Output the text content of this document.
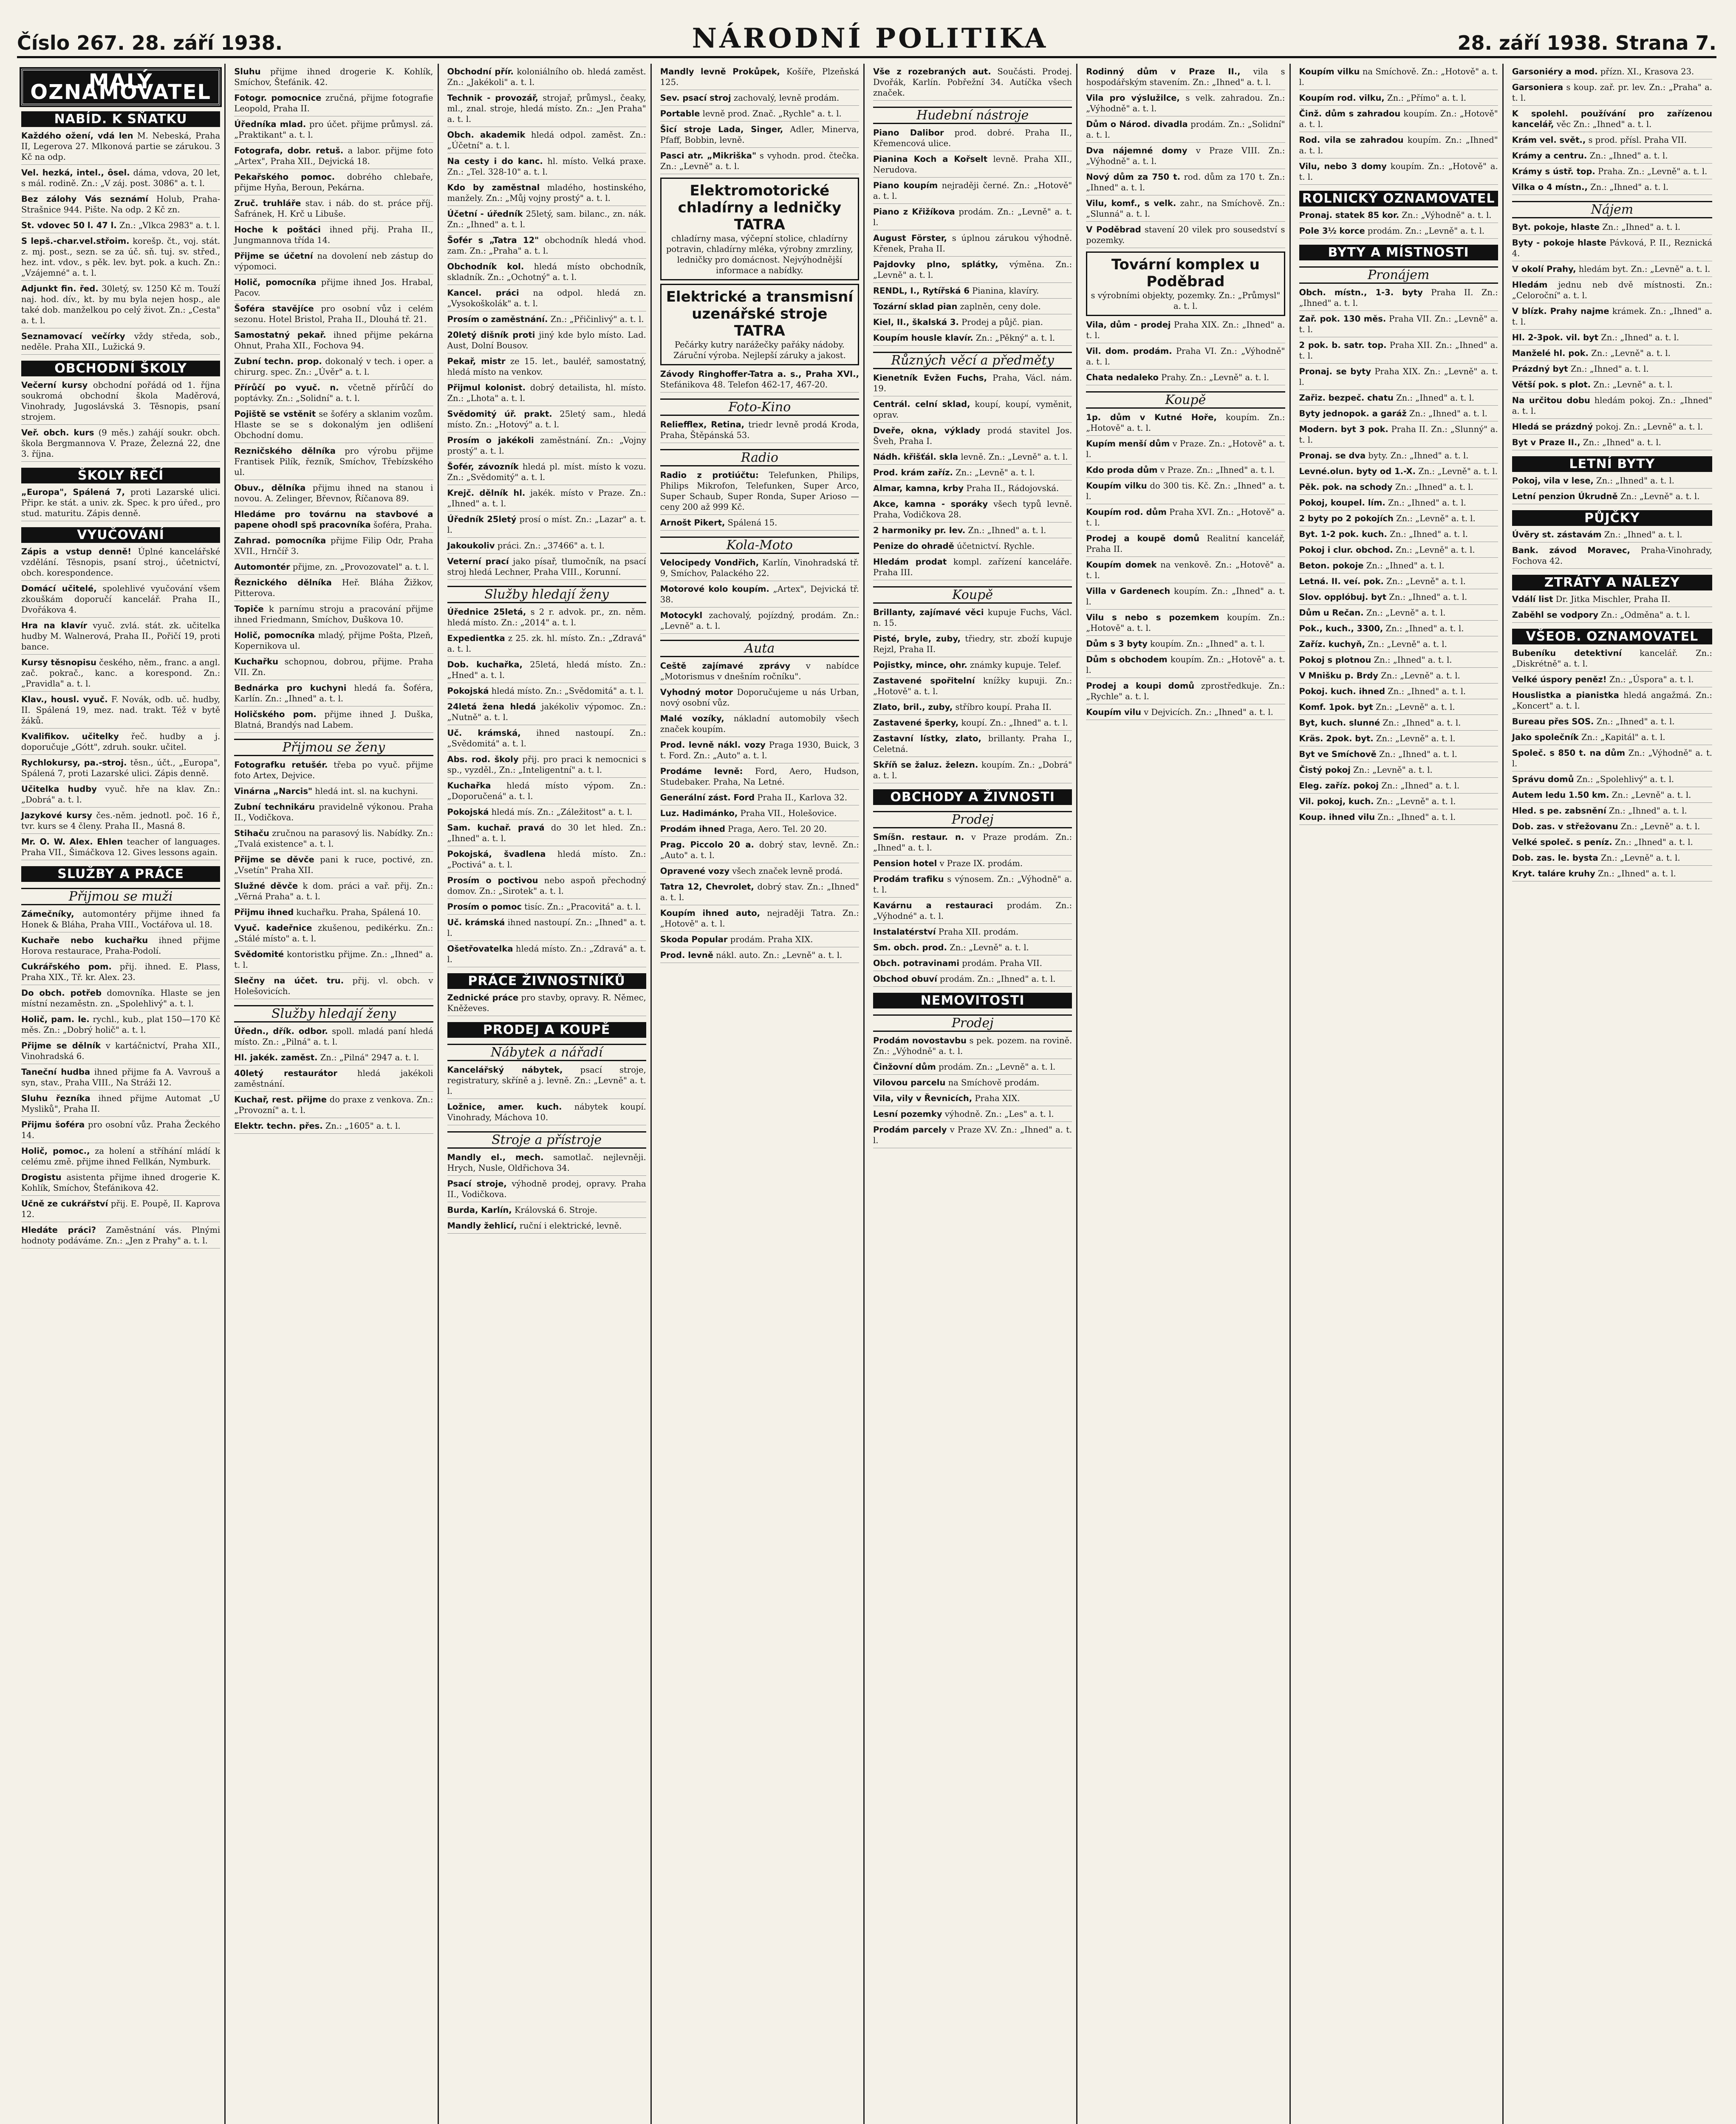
Číslo 267. 28. září 1938.	NÁRODNÍ POLITIKA	28. září 1938. Strana 7.
MALÝ OZNAMOVATEL
NABÍD. K SŇATKU
Každého ožení, vdá len M. Nebeská, Praha II, Legerova 27. Mlkonová partie se zárukou. 3 Kč na odp.
Vel. hezká, intel., ôsel. dáma, vdova, 20 let, s mál. rodině. Zn.: „V záj. post. 3086" a. t. l.
Bez zálohy Vás seznámí Holub, Praha-Strašnice 944. Pište. Na odp. 2 Kč zn.
St. vdovec 50 l. 47 l. Zn.: „Vlkca 2983" a. t. l.
S lepš.-char.vel.střoim. korešp. čt., voj. stát. z. mj. post., sezn. se za úč. sň. tuj. sv. střed., hez. int. vdov., s pěk. lev. byt. pok. a kuch. Zn.: „Vzájemné" a. t. l.
Adjunkt fin. řed. 30letý, sv. 1250 Kč m. Touží naj. hod. dív., kt. by mu byla nejen hosp., ale také dob. manželkou po celý život. Zn.: „Cesta" a. t. l.
Seznamovací večírky vždy středa, sob., neděle. Praha XII., Lužická 9.
OBCHODNÍ ŠKOLY
Večerní kursy obchodní pořádá od 1. října soukromá obchodní škola Maděrová, Vinohrady, Jugoslávská 3. Těsnopis, psaní strojem.
Veř. obch. kurs (9 měs.) zahájí soukr. obch. škola Bergmannova V. Praze, Železná 22, dne 3. října.
ŠKOLY ŘEČÍ
„Europa", Spálená 7, proti Lazarské ulici. Připr. ke stát. a univ. zk. Spec. k pro úřed., pro stud. maturitu. Zápis denně.
VYUČOVÁNÍ
Zápis a vstup denně! Úplné kancelářské vzdělání. Těsnopis, psaní stroj., účetnictví, obch. korespondence.
Domácí učitelé, spolehlivé vyučování všem zkouškám doporučí kancelář. Praha II., Dvořákova 4.
Hra na klavír vyuč. zvlá. stát. zk. učitelka hudby M. Walnerová, Praha II., Pořičí 19, proti bance.
Kursy těsnopisu českého, něm., franc. a angl. zač. pokrač., kanc. a korespond. Zn.: „Pravidla" a. t. l.
Klav., housl. vyuč. F. Novák, odb. uč. hudby, II. Spálená 19, mez. nad. trakt. Též v bytě žáků.
Kvalifikov. učitelky řeč. hudby a j. doporučuje „Gótt", zdruh. soukr. učitel.
Rychlokursy, pa.-stroj. těsn., účt., „Europa", Spálená 7, proti Lazarské ulici. Zápis denně.
Učitelka hudby vyuč. hře na klav. Zn.: „Dobrá" a. t. l.
Jazykové kursy čes.-něm. jednotl. poč. 16 ř., tvr. kurs se 4 členy. Praha II., Masná 8.
Mr. O. W. Alex. Ehlen teacher of languages. Praha VII., Šimáčkova 12. Gives lessons again.
SLUŽBY A PRÁCE
Přijmou se muži
Zámečníky, automontéry přijme ihned fa Honek & Bláha, Praha VIII., Voctářova ul. 18.
Kuchaře nebo kuchařku ihned přijme Horova restaurace, Praha-Podolí.
Cukrářského pom. přij. ihned. E. Plass, Praha XIX., Tř. kr. Alex. 23.
Do obch. potřeb domovníka. Hlaste se jen místní nezaměstn. zn. „Spolehlivý" a. t. l.
Holič, pam. le. rychl., kub., plat 150—170 Kč měs. Zn.: „Dobrý holič" a. t. l.
Přijme se dělník v kartáčnictví, Praha XII., Vinohradská 6.
Taneční hudba ihned přijme fa A. Vavrouš a syn, stav., Praha VIII., Na Stráži 12.
Sluhu řezníka ihned přijme Automat „U Mysliků", Praha II.
Přijmu šoféra pro osobní vůz. Praha Žeckého 14.
Holič, pomoc., za holení a stříhání mládí k celému změ. přijme ihned Fellkán, Nymburk.
Drogistu asistenta přijme ihned drogerie K. Kohlík, Smíchov, Štefánikova 42.
Učně ze cukrářství přij. E. Poupě, II. Kaprova 12.
Hledáte práci? Zaměstnání vás. Plnými hodnoty podáváme. Zn.: „Jen z Prahy" a. t. l.
Sluhu přijme ihned drogerie K. Kohlík, Smíchov, Štefánik. 42.
Fotogr. pomocnice zručná, přijme fotografie Leopold, Praha II.
Úředníka mlad. pro účet. přijme průmysl. zá. „Praktikant" a. t. l.
Fotografa, dobr. retuš. a labor. přijme foto „Artex", Praha XII., Dejvická 18.
Pekařského pomoc. dobrého chlebaře, přijme Hyňa, Beroun, Pekárna.
Zruč. truhláře stav. i náb. do st. práce příj. Šafránek, H. Krč u Libuše.
Hoche k poštáci ihned přij. Praha II., Jungmannova třída 14.
Přijme se účetní na dovolení neb zástup do výpomoci.
Holič, pomocníka přijme ihned Jos. Hrabal, Pacov.
Šoféra stavějíce pro osobní vůz i celém sezonu. Hotel Bristol, Praha II., Dlouhá tř. 21.
Samostatný pekař. ihned přijme pekárna Ohnut, Praha XII., Fochova 94.
Zubní techn. prop. dokonalý v tech. i oper. a chirurg. spec. Zn.: „Úvěr" a. t. l.
Přírůčí po vyuč. n. včetně přírůčí do poptávky. Zn.: „Solidní" a. t. l.
Pojiště se vstěnit se šoféry a sklanim vozům. Hlaste se se s dokonalým jen odlišení Obchodní domu.
Rezničského dělníka pro výrobu přijme Frantisek Pilík, řezník, Smíchov, Třebízského ul.
Obuv., dělníka přijmu ihned na stanou i novou. A. Zelinger, Břevnov, Říčanova 89.
Hledáme pro továrnu na stavbové a papene ohodl spš pracovníka šoféra, Praha.
Zahrad. pomocníka přijme Filip Odr, Praha XVII., Hrnčíř 3.
Automontér přijme, zn. „Provozovatel" a. t. l.
Řeznického dělníka Heř. Bláha Žižkov, Pitterova.
Topiče k parnímu stroju a pracování přijme ihned Friedmann, Smíchov, Duškova 10.
Holič, pomocníka mladý, přijme Pošta, Plzeň, Kopernikova ul.
Kuchařku schopnou, dobrou, přijme. Praha VII. Zn.
Bednárka pro kuchyni hledá fa. Šoféra, Karlín. Zn.: „Ihned" a. t. l.
Holičského pom. přijme ihned J. Duška, Blatná, Brandýs nad Labem.
Přijmou se ženy
Fotografku retušér. třeba po vyuč. přijme foto Artex, Dejvice.
Vinárna „Narcis" hledá int. sl. na kuchyni.
Zubní technikáru pravidelně výkonou. Praha II., Vodičkova.
Stihaču zručnou na parasový lis. Nabídky. Zn.: „Tvalá existence" a. t. l.
Přijme se děvče pani k ruce, poctivé, zn. „Vsetín" Praha XII.
Služné děvče k dom. práci a vař. přij. Zn.: „Věrná Praha" a. t. l.
Přijmu ihned kuchařku. Praha, Spálená 10.
Vyuč. kadeřnice zkušenou, pedikérku. Zn.: „Stálé místo" a. t. l.
Svědomité kontoristku přijme. Zn.: „Ihned" a. t. l.
Slečny na účet. tru. přij. vl. obch. v Holešovicích.
Služby hledají ženy
Úředn., dřík. odbor. spoll. mladá paní hledá místo. Zn.: „Pilná" a. t. l.
Hl. jakék. zaměst. Zn.: „Pilná" 2947 a. t. l.
40letý restaurátor hledá jakékoli zaměstnání.
Kuchař, rest. přijme do praxe z venkova. Zn.: „Provozní" a. t. l.
Elektr. techn. přes. Zn.: „1605" a. t. l.
Obchodní přír. koloniálního ob. hledá zaměst. Zn.: „Jakékoli" a. t. l.
Technik - provozář, strojař, průmysl., čeaky, ml., znal. stroje, hledá místo. Zn.: „Jen Praha" a. t. l.
Obch. akademik hledá odpol. zaměst. Zn.: „Účetní" a. t. l.
Na cesty i do kanc. hl. místo. Velká praxe. Zn.: „Tel. 328-10" a. t. l.
Kdo by zaměstnal mladého, hostinského, manžely. Zn.: „Můj vojny prostý" a. t. l.
Účetní - úředník 25letý, sam. bilanc., zn. nák. Zn.: „Ihned" a. t. l.
Šofér s „Tatra 12" obchodník hledá vhod. zam. Zn.: „Praha" a. t. l.
Obchodník kol. hledá místo obchodník, skladník. Zn.: „Ochotný" a. t. l.
Kancel. práci na odpol. hledá zn. „Vysokoškolák" a. t. l.
Prosím o zaměstnání. Zn.: „Přičinlivý" a. t. l.
20letý dišník proti jiný kde bylo místo. Lad. Aust, Dolní Bousov.
Pekař, mistr ze 15. let., bauléř, samostatný, hledá místo na venkov.
Přijmul kolonist. dobrý detailista, hl. místo. Zn.: „Lhota" a. t. l.
Svědomitý úř. prakt. 25letý sam., hledá místo. Zn.: „Hotový" a. t. l.
Prosím o jakékoli zaměstnání. Zn.: „Vojny prostý" a. t. l.
Šofér, závozník hledá pl. míst. místo k vozu. Zn.: „Svědomitý" a. t. l.
Krejč. dělník hl. jakék. místo v Praze. Zn.: „Ihned" a. t. l.
Úředník 25letý prosí o míst. Zn.: „Lazar" a. t. l.
Jakoukoliv práci. Zn.: „37466" a. t. l.
Veterní prací jako písař, tlumočník, na psací stroj hledá Lechner, Praha VIII., Korunní.
Služby hledají ženy
Úřednice 25letá, s 2 r. advok. pr., zn. něm. hledá místo. Zn.: „2014" a. t. l.
Expedientka z 25. zk. hl. místo. Zn.: „Zdravá" a. t. l.
Dob. kuchařka, 25letá, hledá místo. Zn.: „Hned" a. t. l.
Pokojská hledá místo. Zn.: „Svědomitá" a. t. l.
24letá žena hledá jakékoliv výpomoc. Zn.: „Nutně" a. t. l.
Uč. krámská, ihned nastoupí. Zn.: „Svědomitá" a. t. l.
Abs. rod. školy přij. pro praci k nemocnici s sp., vyzděl., Zn.: „Inteligentní" a. t. l.
Kuchařka hledá místo výpom. Zn.: „Doporučená" a. t. l.
Pokojská hledá mís. Zn.: „Záležitost" a. t. l.
Sam. kuchař. pravá do 30 let hled. Zn.: „Ihned" a. t. l.
Pokojská, švadlena hledá místo. Zn.: „Poctivá" a. t. l.
Prosím o poctivou nebo aspoň přechodný domov. Zn.: „Sirotek" a. t. l.
Prosím o pomoc tisíc. Zn.: „Pracovitá" a. t. l.
Uč. krámská ihned nastoupí. Zn.: „Ihned" a. t. l.
Ošetřovatelka hledá místo. Zn.: „Zdravá" a. t. l.
PRÁCE ŽIVNOSTNÍKŮ
Zednické práce pro stavby, opravy. R. Němec, Kněževes.
PRODEJ A KOUPĚ
Nábytek a nářadí
Kancelářský nábytek, psací stroje, registratury, skříně a j. levně. Zn.: „Levně" a. t. l.
Ložnice, amer. kuch. nábytek koupí. Vinohrady, Máchova 10.
Stroje a přístroje
Mandly el., mech. samotlač. nejlevněji. Hrych, Nusle, Oldřichova 34.
Psací stroje, výhodně prodej, opravy. Praha II., Vodičkova.
Burda, Karlín, Královská 6. Stroje.
Mandly žehlicí, ruční i elektrické, levně.
Mandly levně Prokůpek, Košíře, Plzeňská 125.
Sev. psací stroj zachovalý, levně prodám.
Portable levně prod. Znač. „Rychle" a. t. l.
Šicí stroje Lada, Singer, Adler, Minerva, Pfaff, Bobbin, levně.
Pasci atr. „Mikriška" s vyhodn. prod. čtečka. Zn.: „Levně" a. t. l.
Elektromotorické chladírny a ledničky TATRA
chladírny masa, výčepní stolice, chladírny potravin, chladírny mléka, výrobny zmrzliny, ledničky pro domácnost. Nejvýhodnější informace a nabídky.
Elektrické a transmisní uzenářské stroje TATRA
Pečárky kutry narážečky pařáky nádoby. Záruční výroba. Nejlepší záruky a jakost.
Závody Ringhoffer-Tatra a. s., Praha XVI., Stefánikova 48. Telefon 462-17, 467-20.
Foto-Kino
Reliefflex, Retina, triedr levně prodá Kroda, Praha, Štěpánská 53.
Radio
Radio z protiúčtu: Telefunken, Philips, Philips Mikrofon, Telefunken, Super Arco, Super Schaub, Super Ronda, Super Arioso — ceny 200 až 999 Kč.
Arnošt Pikert, Spálená 15.
Kola-Moto
Velocipedy Vondřich, Karlín, Vinohradská tř. 9, Smíchov, Palackého 22.
Motorové kolo koupím. „Artex", Dejvická tř. 38.
Motocykl zachovalý, pojízdný, prodám. Zn.: „Levně" a. t. l.
Auta
Ceště zajímavé zprávy v nabídce „Motorismus v dnešním ročníku".
Vyhodný motor Doporučujeme u nás Urban, nový osobní vůz.
Malé vozíky, nákladní automobily všech značek koupím.
Prod. levně nákl. vozy Praga 1930, Buick, 3 t. Ford. Zn.: „Auto" a. t. l.
Prodáme levně: Ford, Aero, Hudson, Studebaker. Praha, Na Letné.
Generální zást. Ford Praha II., Karlova 32.
Luz. Hadimánko, Praha VII., Holešovice.
Prodám ihned Praga, Aero. Tel. 20 20.
Prag. Piccolo 20 a. dobrý stav, levně. Zn.: „Auto" a. t. l.
Opravené vozy všech značek levně prodá.
Tatra 12, Chevrolet, dobrý stav. Zn.: „Ihned" a. t. l.
Koupím ihned auto, nejraději Tatra. Zn.: „Hotově" a. t. l.
Skoda Popular prodám. Praha XIX.
Prod. levně nákl. auto. Zn.: „Levně" a. t. l.
Vše z rozebraných aut. Součásti. Prodej. Dvořák, Karlín. Pobřežní 34. Autíčka všech značek.
Hudební nástroje
Piano Dalibor prod. dobré. Praha II., Křemencová ulice.
Pianina Koch a Kořselt levně. Praha XII., Nerudova.
Piano koupím nejraději černé. Zn.: „Hotově" a. t. l.
Piano z Křižíkova prodám. Zn.: „Levně" a. t. l.
August Förster, s úplnou zárukou výhodně. Křenek, Praha II.
Pajdovky plno, splátky, výměna. Zn.: „Levně" a. t. l.
RENDL, I., Rytířská 6 Pianina, klavíry.
Tozární sklad pian zaplněn, ceny dole.
Kiel, II., škalská 3. Prodej a půjč. pian.
Koupím housle klavír. Zn.: „Pěkný" a. t. l.
Různých věcí a předměty
Kienetník Evžen Fuchs, Praha, Václ. nám. 19.
Centrál. celní sklad, koupí, koupí, vyměnit, oprav.
Dveře, okna, výklady prodá stavitel Jos. Šveh, Praha I.
Nádh. křišťál. skla levně. Zn.: „Levně" a. t. l.
Prod. krám zaříz. Zn.: „Levně" a. t. l.
Almar, kamna, krby Praha II., Rádojovská.
Akce, kamna - sporáky všech typů levně. Praha, Vodičkova 28.
2 harmoniky pr. lev. Zn.: „Ihned" a. t. l.
Penize do ohradě účetnictví. Rychle.
Hledám prodat kompl. zařízení kanceláře. Praha III.
Koupě
Brillanty, zajímavé věci kupuje Fuchs, Václ. n. 15.
Pisté, bryle, zuby, třiedry, str. zboží kupuje Rejzl, Praha II.
Pojistky, mince, ohr. známky kupuje. Telef.
Zastavené spořitelní knížky kupuji. Zn.: „Hotově" a. t. l.
Zlato, bril., zuby, stříbro koupí. Praha II.
Zastavené šperky, koupí. Zn.: „Ihned" a. t. l.
Zastavní lístky, zlato, brillanty. Praha I., Celetná.
Skříň se žaluz. železn. koupím. Zn.: „Dobrá" a. t. l.
OBCHODY A ŽIVNOSTI
Prodej
Smíšn. restaur. n. v Praze prodám. Zn.: „Ihned" a. t. l.
Pension hotel v Praze IX. prodám.
Prodám trafiku s výnosem. Zn.: „Výhodně" a. t. l.
Kavárnu a restauraci prodám. Zn.: „Výhodné" a. t. l.
Instalatérství Praha XII. prodám.
Sm. obch. prod. Zn.: „Levně" a. t. l.
Obch. potravinami prodám. Praha VII.
Obchod obuví prodám. Zn.: „Ihned" a. t. l.
NEMOVITOSTI
Prodej
Prodám novostavbu s pek. pozem. na rovině. Zn.: „Výhodně" a. t. l.
Činžovní dům prodám. Zn.: „Levně" a. t. l.
Vilovou parcelu na Smíchově prodám.
Vila, vily v Řevnicích, Praha XIX.
Lesní pozemky výhodně. Zn.: „Les" a. t. l.
Prodám parcely v Praze XV. Zn.: „Ihned" a. t. l.
Rodinný dům v Praze II., vila s hospodářským stavením. Zn.: „Ihned" a. t. l.
Vila pro výslužilce, s velk. zahradou. Zn.: „Výhodně" a. t. l.
Dům o Národ. divadla prodám. Zn.: „Solidní" a. t. l.
Dva nájemné domy v Praze VIII. Zn.: „Výhodně" a. t. l.
Nový dům za 750 t. rod. dům za 170 t. Zn.: „Ihned" a. t. l.
Vilu, komf., s velk. zahr., na Smíchově. Zn.: „Slunná" a. t. l.
V Poděbrad stavení 20 vilek pro sousedství s pozemky.
Tovární komplex u Poděbrad
s výrobními objekty, pozemky. Zn.: „Průmysl" a. t. l.
Vila, dům - prodej Praha XIX. Zn.: „Ihned" a. t. l.
Vil. dom. prodám. Praha VI. Zn.: „Výhodně" a. t. l.
Chata nedaleko Prahy. Zn.: „Levně" a. t. l.
Koupě
1p. dům v Kutné Hoře, koupím. Zn.: „Hotově" a. t. l.
Kupím menší dům v Praze. Zn.: „Hotově" a. t. l.
Kdo proda dům v Praze. Zn.: „Ihned" a. t. l.
Koupím vilku do 300 tis. Kč. Zn.: „Ihned" a. t. l.
Koupím rod. dům Praha XVI. Zn.: „Hotově" a. t. l.
Prodej a koupě domů Realitní kancelář, Praha II.
Koupím domek na venkově. Zn.: „Hotově" a. t. l.
Villa v Gardenech koupím. Zn.: „Ihned" a. t. l.
Vilu s nebo s pozemkem koupím. Zn.: „Hotově" a. t. l.
Dům s 3 byty koupím. Zn.: „Ihned" a. t. l.
Dům s obchodem koupím. Zn.: „Hotově" a. t. l.
Prodej a koupi domů zprostředkuje. Zn.: „Rychle" a. t. l.
Koupím vilu v Dejvicích. Zn.: „Ihned" a. t. l.
Koupím vilku na Smíchově. Zn.: „Hotově" a. t. l.
Koupím rod. vilku, Zn.: „Přímo" a. t. l.
Činž. dům s zahradou koupím. Zn.: „Hotově" a. t. l.
Rod. vila se zahradou koupím. Zn.: „Ihned" a. t. l.
Vilu, nebo 3 domy koupím. Zn.: „Hotově" a. t. l.
ROLNICKÝ OZNAMOVATEL
Pronaj. statek 85 kor. Zn.: „Výhodně" a. t. l.
Pole 3½ korce prodám. Zn.: „Levně" a. t. l.
BYTY A MÍSTNOSTI
Pronájem
Obch. místn., 1-3. byty Praha II. Zn.: „Ihned" a. t. l.
Zař. pok. 130 měs. Praha VII. Zn.: „Levně" a. t. l.
2 pok. b. satr. top. Praha XII. Zn.: „Ihned" a. t. l.
Pronaj. se byty Praha XIX. Zn.: „Levně" a. t. l.
Zařiz. bezpeč. chatu Zn.: „Ihned" a. t. l.
Byty jednopok. a garáž Zn.: „Ihned" a. t. l.
Modern. byt 3 pok. Praha II. Zn.: „Slunný" a. t. l.
Pronaj. se dva byty. Zn.: „Ihned" a. t. l.
Levné.olun. byty od 1.-X. Zn.: „Levně" a. t. l.
Pěk. pok. na schody Zn.: „Ihned" a. t. l.
Pokoj, koupel. lím. Zn.: „Ihned" a. t. l.
2 byty po 2 pokojích Zn.: „Levně" a. t. l.
Byt. 1-2 pok. kuch. Zn.: „Ihned" a. t. l.
Pokoj i clur. obchod. Zn.: „Levně" a. t. l.
Beton. pokoje Zn.: „Ihned" a. t. l.
Letná. II. veí. pok. Zn.: „Levně" a. t. l.
Slov. opplóbuj. byt Zn.: „Ihned" a. t. l.
Dům u Rečan. Zn.: „Levně" a. t. l.
Pok., kuch., 3300, Zn.: „Ihned" a. t. l.
Zaříz. kuchyň, Zn.: „Levně" a. t. l.
Pokoj s plotnou Zn.: „Ihned" a. t. l.
V Mnišku p. Brdy Zn.: „Levně" a. t. l.
Pokoj. kuch. ihned Zn.: „Ihned" a. t. l.
Komf. 1pok. byt Zn.: „Levně" a. t. l.
Byt, kuch. slunné Zn.: „Ihned" a. t. l.
Kräs. 2pok. byt. Zn.: „Levně" a. t. l.
Byt ve Smíchově Zn.: „Ihned" a. t. l.
Čistý pokoj Zn.: „Levně" a. t. l.
Eleg. zaříz. pokoj Zn.: „Ihned" a. t. l.
Vil. pokoj, kuch. Zn.: „Levně" a. t. l.
Koup. ihned vilu Zn.: „Ihned" a. t. l.
Garsoniéry a mod. přízn. XI., Krasova 23.
Garsoniera s koup. zař. pr. lev. Zn.: „Praha" a. t. l.
K spolehl. používání pro zařízenou kancelář, věc Zn.: „Ihned" a. t. l.
Krám vel. svět., s prod. přísl. Praha VII.
Krámy a centru. Zn.: „Ihned" a. t. l.
Krámy s ústř. top. Praha. Zn.: „Levně" a. t. l.
Vilka o 4 místn., Zn.: „Ihned" a. t. l.
Nájem
Byt. pokoje, hlaste Zn.: „Ihned" a. t. l.
Byty - pokoje hlaste Pávková, P. II., Reznická 4.
V okolí Prahy, hledám byt. Zn.: „Levně" a. t. l.
Hledám jednu neb dvě místnosti. Zn.: „Celoroční" a. t. l.
V blízk. Prahy najme krámek. Zn.: „Ihned" a. t. l.
Hl. 2-3pok. vil. byt Zn.: „Ihned" a. t. l.
Manželé hl. pok. Zn.: „Levně" a. t. l.
Prázdný byt Zn.: „Ihned" a. t. l.
Větší pok. s plot. Zn.: „Levně" a. t. l.
Na určitou dobu hledám pokoj. Zn.: „Ihned" a. t. l.
Hledá se prázdný pokoj. Zn.: „Levně" a. t. l.
Byt v Praze II., Zn.: „Ihned" a. t. l.
LETNÍ BYTY
Pokoj, vila v lese, Zn.: „Ihned" a. t. l.
Letní penzion Úkrudně Zn.: „Levně" a. t. l.
PŮJČKY
Úvěry st. zástavám Zn.: „Ihned" a. t. l.
Bank. závod Moravec, Praha-Vinohrady, Fochova 42.
ZTRÁTY A NÁLEZY
Vdálí list Dr. Jitka Mischler, Praha II.
Zaběhl se vodpory Zn.: „Odměna" a. t. l.
VŠEOB. OZNAMOVATEL
Bubeníku detektivní kancelář. Zn.: „Diskrétně" a. t. l.
Velké úspory peněz! Zn.: „Úspora" a. t. l.
Houslistka a pianistka hledá angažmá. Zn.: „Koncert" a. t. l.
Bureau přes SOS. Zn.: „Ihned" a. t. l.
Jako společník Zn.: „Kapitál" a. t. l.
Společ. s 850 t. na dům Zn.: „Výhodně" a. t. l.
Správu domů Zn.: „Spolehlivý" a. t. l.
Autem ledu 1.50 km. Zn.: „Levně" a. t. l.
Hled. s pe. zabsnění Zn.: „Ihned" a. t. l.
Dob. zas. v střežovanu Zn.: „Levně" a. t. l.
Velké společ. s peníz. Zn.: „Ihned" a. t. l.
Dob. zas. le. bysta Zn.: „Levně" a. t. l.
Kryt. taláre kruhy Zn.: „Ihned" a. t. l.
